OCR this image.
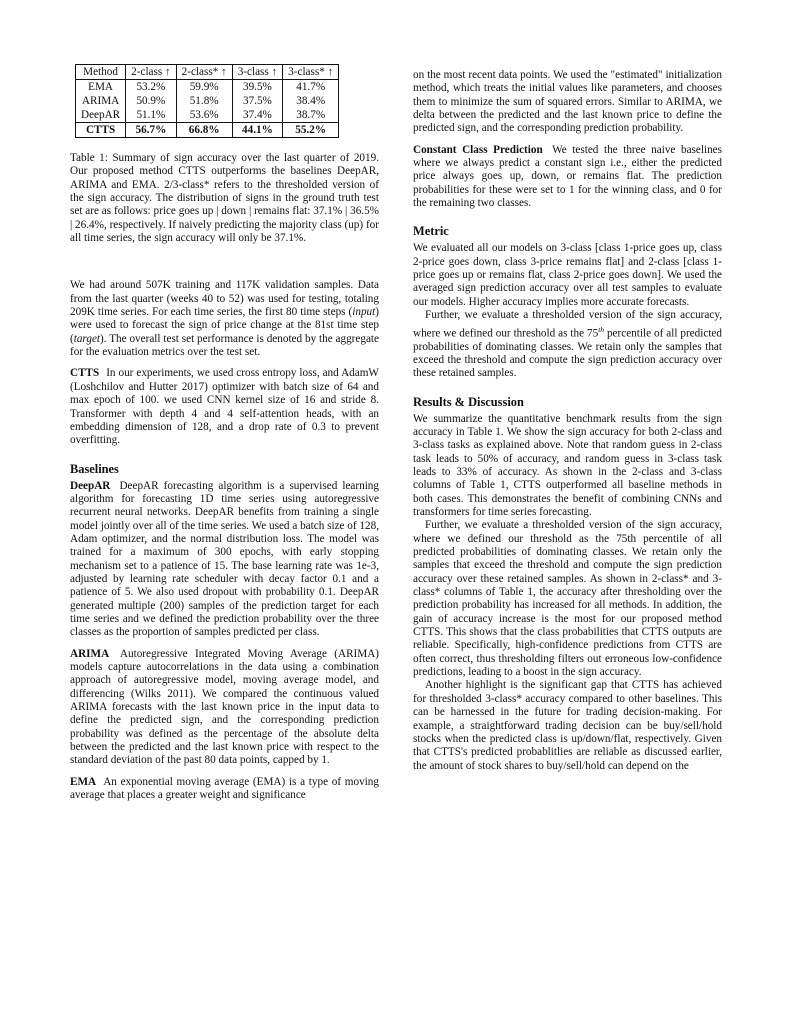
Method	2-class ↑	2-class* ↑	3-class ↑	3-class* ↑
EMA	53.2%	59.9%	39.5%	41.7%
ARIMA	50.9%	51.8%	37.5%	38.4%
DeepAR	51.1%	53.6%	37.4%	38.7%
CTTS	56.7%	66.8%	44.1%	55.2%

Table 1: Summary of sign accuracy over the last quarter of 2019. Our proposed method CTTS outperforms the baselines DeepAR, ARIMA and EMA. 2/3-class* refers to the thresholded version of the sign accuracy. The distribution of signs in the ground truth test set are as follows: price goes up | down | remains flat: 37.1% | 36.5% | 26.4%, respectively. If naively predicting the majority class (up) for all time series, the sign accuracy will only be 37.1%.

We had around 507K training and 117K validation samples. Data from the last quarter (weeks 40 to 52) was used for testing, totaling 209K time series. For each time series, the first 80 time steps (input) were used to forecast the sign of price change at the 81st time step (target). The overall test set performance is denoted by the aggregate for the evaluation metrics over the test set.

CTTS In our experiments, we used cross entropy loss, and AdamW (Loshchilov and Hutter 2017) optimizer with batch size of 64 and max epoch of 100. we used CNN kernel size of 16 and stride 8. Transformer with depth 4 and 4 self-attention heads, with an embedding dimension of 128, and a drop rate of 0.3 to prevent overfitting.

Baselines

DeepAR DeepAR forecasting algorithm is a supervised learning algorithm for forecasting 1D time series using autoregressive recurrent neural networks. DeepAR benefits from training a single model jointly over all of the time series. We used a batch size of 128, Adam optimizer, and the normal distribution loss. The model was trained for a maximum of 300 epochs, with early stopping mechanism set to a patience of 15. The base learning rate was 1e-3, adjusted by learning rate scheduler with decay factor 0.1 and a patience of 5. We also used dropout with probability 0.1. DeepAR generated multiple (200) samples of the prediction target for each time series and we defined the prediction probability over the three classes as the proportion of samples predicted per class.

ARIMA Autoregressive Integrated Moving Average (ARIMA) models capture autocorrelations in the data using a combination approach of autoregressive model, moving average model, and differencing (Wilks 2011). We compared the continuous valued ARIMA forecasts with the last known price in the input data to define the predicted sign, and the corresponding prediction probability was defined as the percentage of the absolute delta between the predicted and the last known price with respect to the standard deviation of the past 80 data points, capped by 1.

EMA An exponential moving average (EMA) is a type of moving average that places a greater weight and significance

on the most recent data points. We used the "estimated" initialization method, which treats the initial values like parameters, and chooses them to minimize the sum of squared errors. Similar to ARIMA, we delta between the predicted and the last known price to define the predicted sign, and the corresponding prediction probability.

Constant Class Prediction We tested the three naive baselines where we always predict a constant sign i.e., either the predicted price always goes up, down, or remains flat. The prediction probabilities for these were set to 1 for the winning class, and 0 for the remaining two classes.

Metric

We evaluated all our models on 3-class [class 1-price goes up, class 2-price goes down, class 3-price remains flat] and 2-class [class 1-price goes up or remains flat, class 2-price goes down]. We used the averaged sign prediction accuracy over all test samples to evaluate our models. Higher accuracy implies more accurate forecasts.

Further, we evaluate a thresholded version of the sign accuracy, where we defined our threshold as the 75th percentile of all predicted probabilities of dominating classes. We retain only the samples that exceed the threshold and compute the sign prediction accuracy over these retained samples.

Results & Discussion

We summarize the quantitative benchmark results from the sign accuracy in Table 1. We show the sign accuracy for both 2-class and 3-class tasks as explained above. Note that random guess in 2-class task leads to 50% of accuracy, and random guess in 3-class task leads to 33% of accuracy. As shown in the 2-class and 3-class columns of Table 1, CTTS outperformed all baseline methods in both cases. This demonstrates the benefit of combining CNNs and transformers for time series forecasting.

Further, we evaluate a thresholded version of the sign accuracy, where we defined our threshold as the 75th percentile of all predicted probabilities of dominating classes. We retain only the samples that exceed the threshold and compute the sign prediction accuracy over these retained samples. As shown in 2-class* and 3-class* columns of Table 1, the accuracy after thresholding over the prediction probability has increased for all methods. In addition, the gain of accuracy increase is the most for our proposed method CTTS. This shows that the class probabilities that CTTS outputs are reliable. Specifically, high-confidence predictions from CTTS are often correct, thus thresholding filters out erroneous low-confidence predictions, leading to a boost in the sign accuracy.

Another highlight is the significant gap that CTTS has achieved for thresholded 3-class* accuracy compared to other baselines. This can be harnessed in the future for trading decision-making. For example, a straightforward trading decision can be buy/sell/hold stocks when the predicted class is up/down/flat, respectively. Given that CTTS's predicted probablitlies are reliable as discussed earlier, the amount of stock shares to buy/sell/hold can depend on the
